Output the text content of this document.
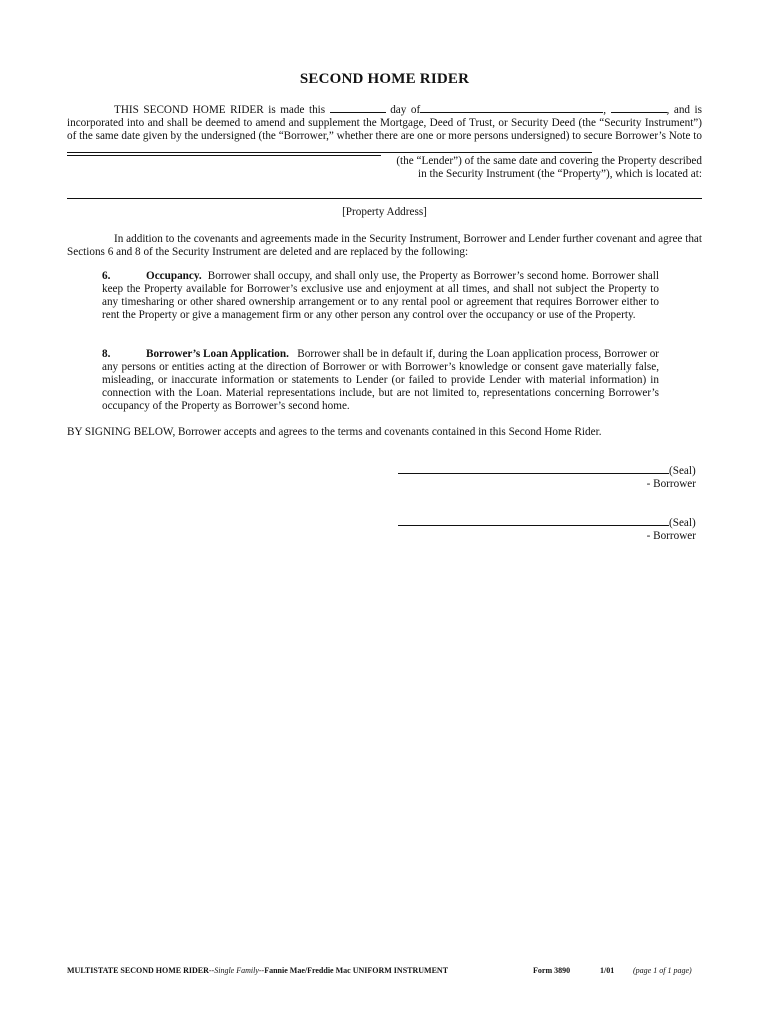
SECOND HOME RIDER
THIS SECOND HOME RIDER is made this	day of	,	, and is incorporated into and shall be deemed to amend and supplement the Mortgage, Deed of Trust, or Security Deed (the “Security Instrument”) of the same date given by the undersigned (the “Borrower,” whether there are one or more persons undersigned) to secure Borrower’s Note to
(the “Lender”) of the same date and covering the Property described in the Security Instrument (the “Property”), which is located at:
[Property Address]
In addition to the covenants and agreements made in the Security Instrument, Borrower and Lender further covenant and agree that Sections 6 and 8 of the Security Instrument are deleted and are replaced by the following:
6.	Occupancy. Borrower shall occupy, and shall only use, the Property as Borrower’s second home. Borrower shall keep the Property available for Borrower’s exclusive use and enjoyment at all times, and shall not subject the Property to any timesharing or other shared ownership arrangement or to any rental pool or agreement that requires Borrower either to rent the Property or give a management firm or any other person any control over the occupancy or use of the Property.
8.	Borrower’s Loan Application. Borrower shall be in default if, during the Loan application process, Borrower or any persons or entities acting at the direction of Borrower or with Borrower’s knowledge or consent gave materially false, misleading, or inaccurate information or statements to Lender (or failed to provide Lender with material information) in connection with the Loan. Material representations include, but are not limited to, representations concerning Borrower’s occupancy of the Property as Borrower’s second home.
BY SIGNING BELOW, Borrower accepts and agrees to the terms and covenants contained in this Second Home Rider.
(Seal)
- Borrower
(Seal)
- Borrower
MULTISTATE SECOND HOME RIDER--Single Family--Fannie Mae/Freddie Mac UNIFORM INSTRUMENT	Form 3890	1/01 (page 1 of 1 page)
